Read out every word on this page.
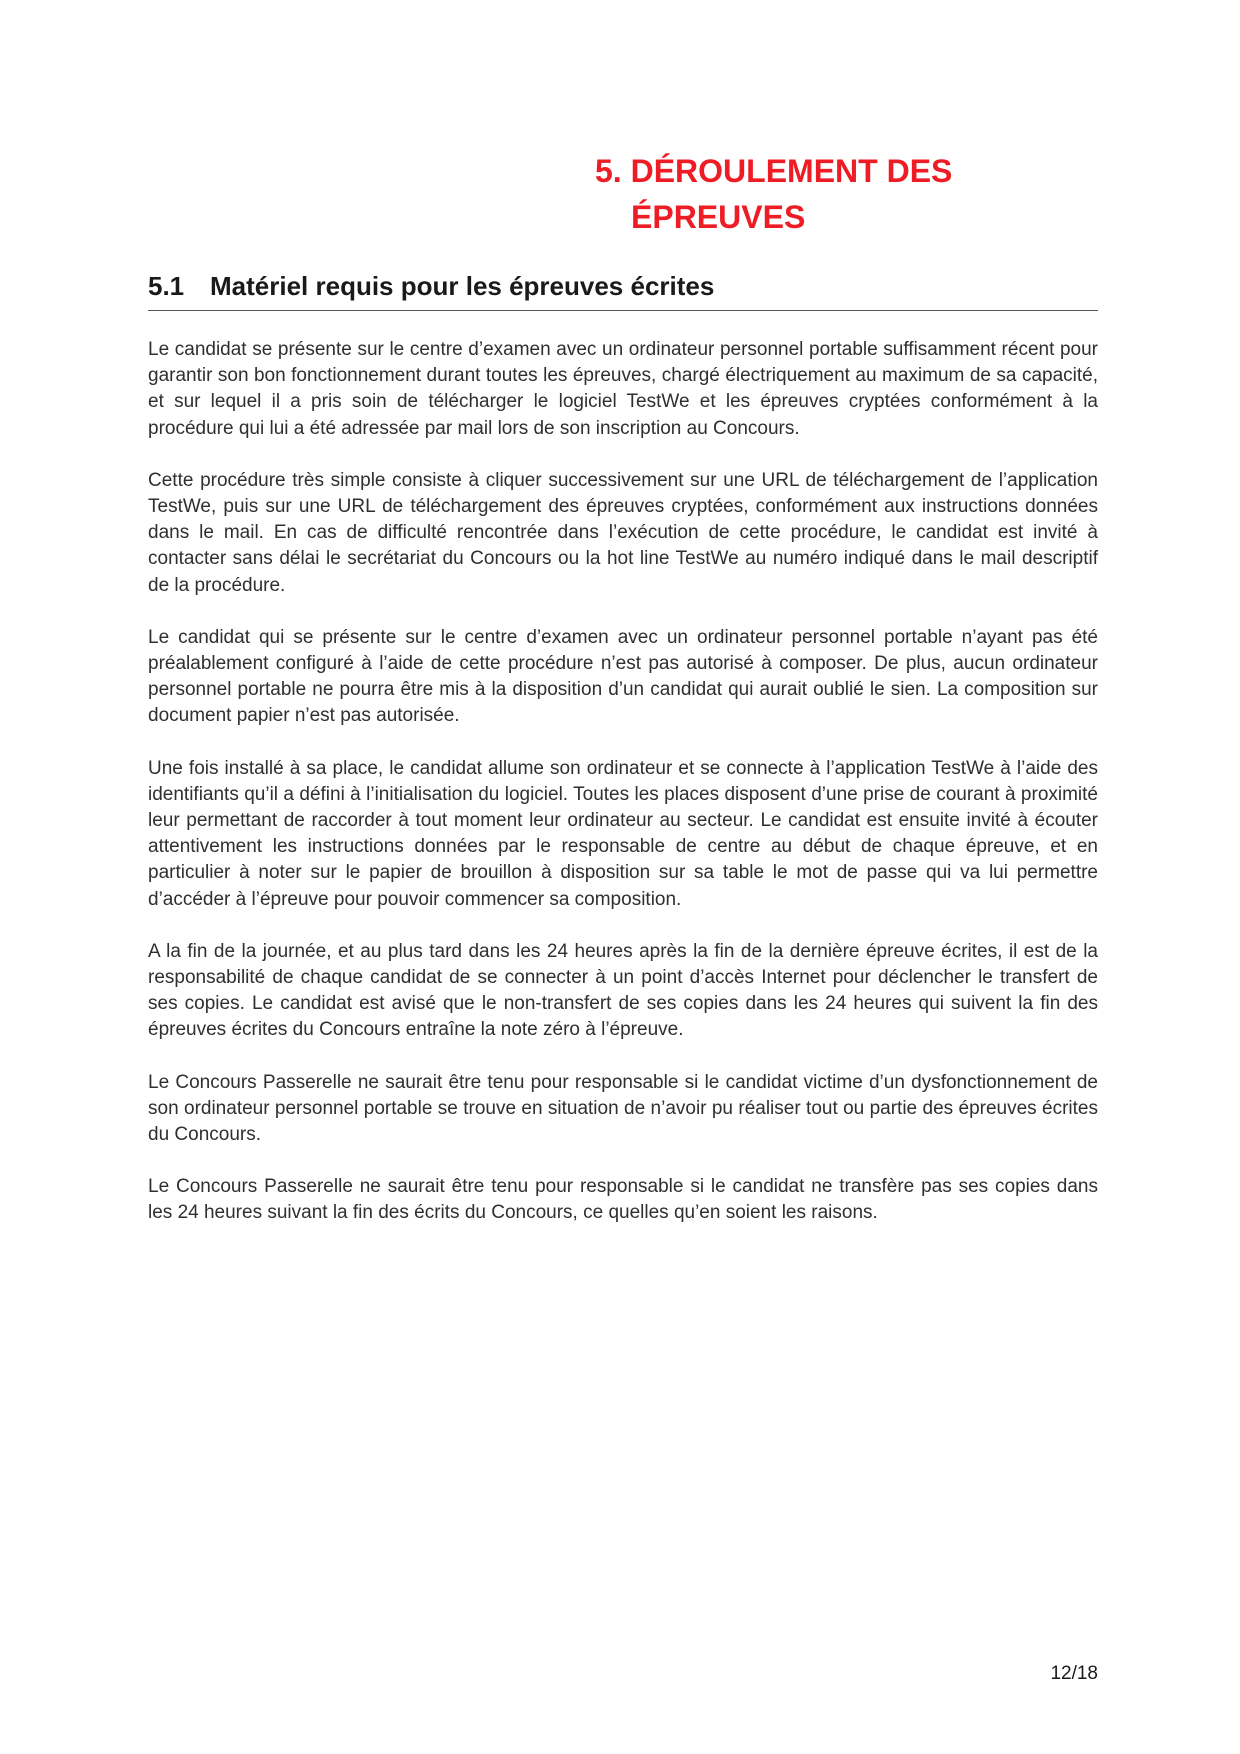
5. DÉROULEMENT DES
ÉPREUVES
5.1 Matériel requis pour les épreuves écrites

Le candidat se présente sur le centre d’examen avec un ordinateur personnel portable suffisamment récent pour garantir son bon fonctionnement durant toutes les épreuves, chargé électriquement au maximum de sa capacité, et sur lequel il a pris soin de télécharger le logiciel TestWe et les épreuves cryptées conformément à la procédure qui lui a été adressée par mail lors de son inscription au Concours.

Cette procédure très simple consiste à cliquer successivement sur une URL de téléchargement de l’application TestWe, puis sur une URL de téléchargement des épreuves cryptées, conformément aux instructions données dans le mail. En cas de difficulté rencontrée dans l’exécution de cette procédure, le candidat est invité à contacter sans délai le secrétariat du Concours ou la hot line TestWe au numéro indiqué dans le mail descriptif de la procédure.

Le candidat qui se présente sur le centre d’examen avec un ordinateur personnel portable n’ayant pas été préalablement configuré à l’aide de cette procédure n’est pas autorisé à composer. De plus, aucun ordinateur personnel portable ne pourra être mis à la disposition d’un candidat qui aurait oublié le sien. La composition sur document papier n’est pas autorisée.

Une fois installé à sa place, le candidat allume son ordinateur et se connecte à l’application TestWe à l’aide des identifiants qu’il a défini à l’initialisation du logiciel. Toutes les places disposent d’une prise de courant à proximité leur permettant de raccorder à tout moment leur ordinateur au secteur. Le candidat est ensuite invité à écouter attentivement les instructions données par le responsable de centre au début de chaque épreuve, et en particulier à noter sur le papier de brouillon à disposition sur sa table le mot de passe qui va lui permettre d’accéder à l’épreuve pour pouvoir commencer sa composition.

A la fin de la journée, et au plus tard dans les 24 heures après la fin de la dernière épreuve écrites, il est de la responsabilité de chaque candidat de se connecter à un point d’accès Internet pour déclencher le transfert de ses copies. Le candidat est avisé que le non-transfert de ses copies dans les 24 heures qui suivent la fin des épreuves écrites du Concours entraîne la note zéro à l’épreuve.

Le Concours Passerelle ne saurait être tenu pour responsable si le candidat victime d’un dysfonctionnement de son ordinateur personnel portable se trouve en situation de n’avoir pu réaliser tout ou partie des épreuves écrites du Concours.

Le Concours Passerelle ne saurait être tenu pour responsable si le candidat ne transfère pas ses copies dans les 24 heures suivant la fin des écrits du Concours, ce quelles qu’en soient les raisons.

12/18
